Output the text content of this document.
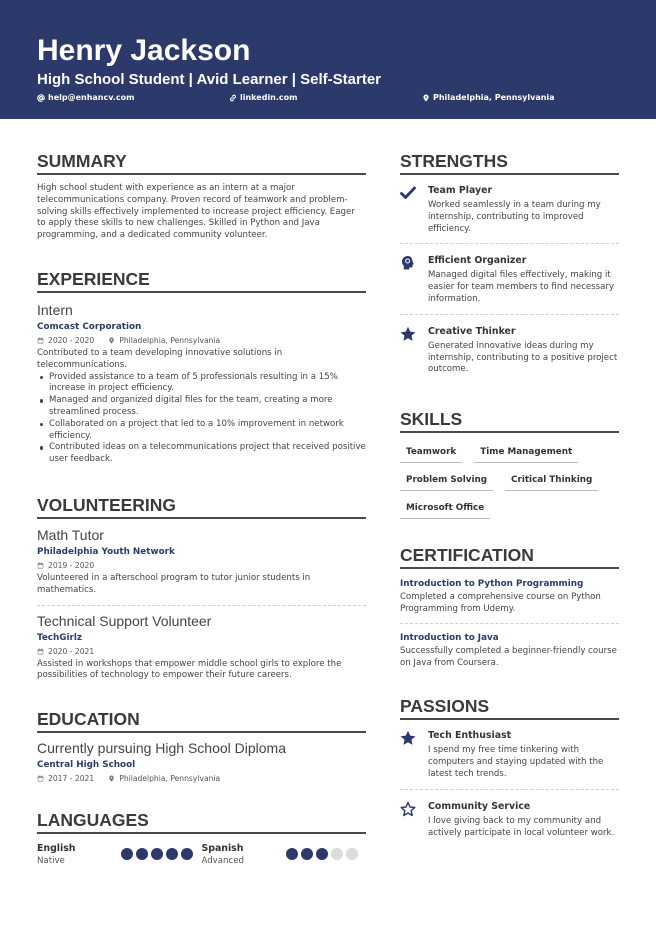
Henry Jackson
High School Student | Avid Learner | Self-Starter
help@enhancv.com	linkedin.com	Philadelphia, Pennsylvania
SUMMARY
High school student with experience as an intern at a major telecommunications company. Proven record of teamwork and problem-solving skills effectively implemented to increase project efficiency. Eager to apply these skills to new challenges. Skilled in Python and Java programming, and a dedicated community volunteer.
EXPERIENCE
Intern
Comcast Corporation
2020 - 2020	Philadelphia, Pennsylvania
Contributed to a team developing innovative solutions in telecommunications.
Provided assistance to a team of 5 professionals resulting in a 15% increase in project efficiency.
Managed and organized digital files for the team, creating a more streamlined process.
Collaborated on a project that led to a 10% improvement in network efficiency.
Contributed ideas on a telecommunications project that received positive user feedback.
VOLUNTEERING
Math Tutor
Philadelphia Youth Network
2019 - 2020
Volunteered in a afterschool program to tutor junior students in mathematics.
Technical Support Volunteer
TechGirlz
2020 - 2021
Assisted in workshops that empower middle school girls to explore the possibilities of technology to empower their future careers.
EDUCATION
Currently pursuing High School Diploma
Central High School
2017 - 2021	Philadelphia, Pennsylvania
LANGUAGES
English
Native
Spanish
Advanced
STRENGTHS
Team Player
Worked seamlessly in a team during my internship, contributing to improved efficiency.
Efficient Organizer
Managed digital files effectively, making it easier for team members to find necessary information.
Creative Thinker
Generated innovative ideas during my internship, contributing to a positive project outcome.
SKILLS
Teamwork	Time Management
Problem Solving	Critical Thinking
Microsoft Office
CERTIFICATION
Introduction to Python Programming
Completed a comprehensive course on Python Programming from Udemy.
Introduction to Java
Successfully completed a beginner-friendly course on Java from Coursera.
PASSIONS
Tech Enthusiast
I spend my free time tinkering with computers and staying updated with the latest tech trends.
Community Service
I love giving back to my community and actively participate in local volunteer work.
